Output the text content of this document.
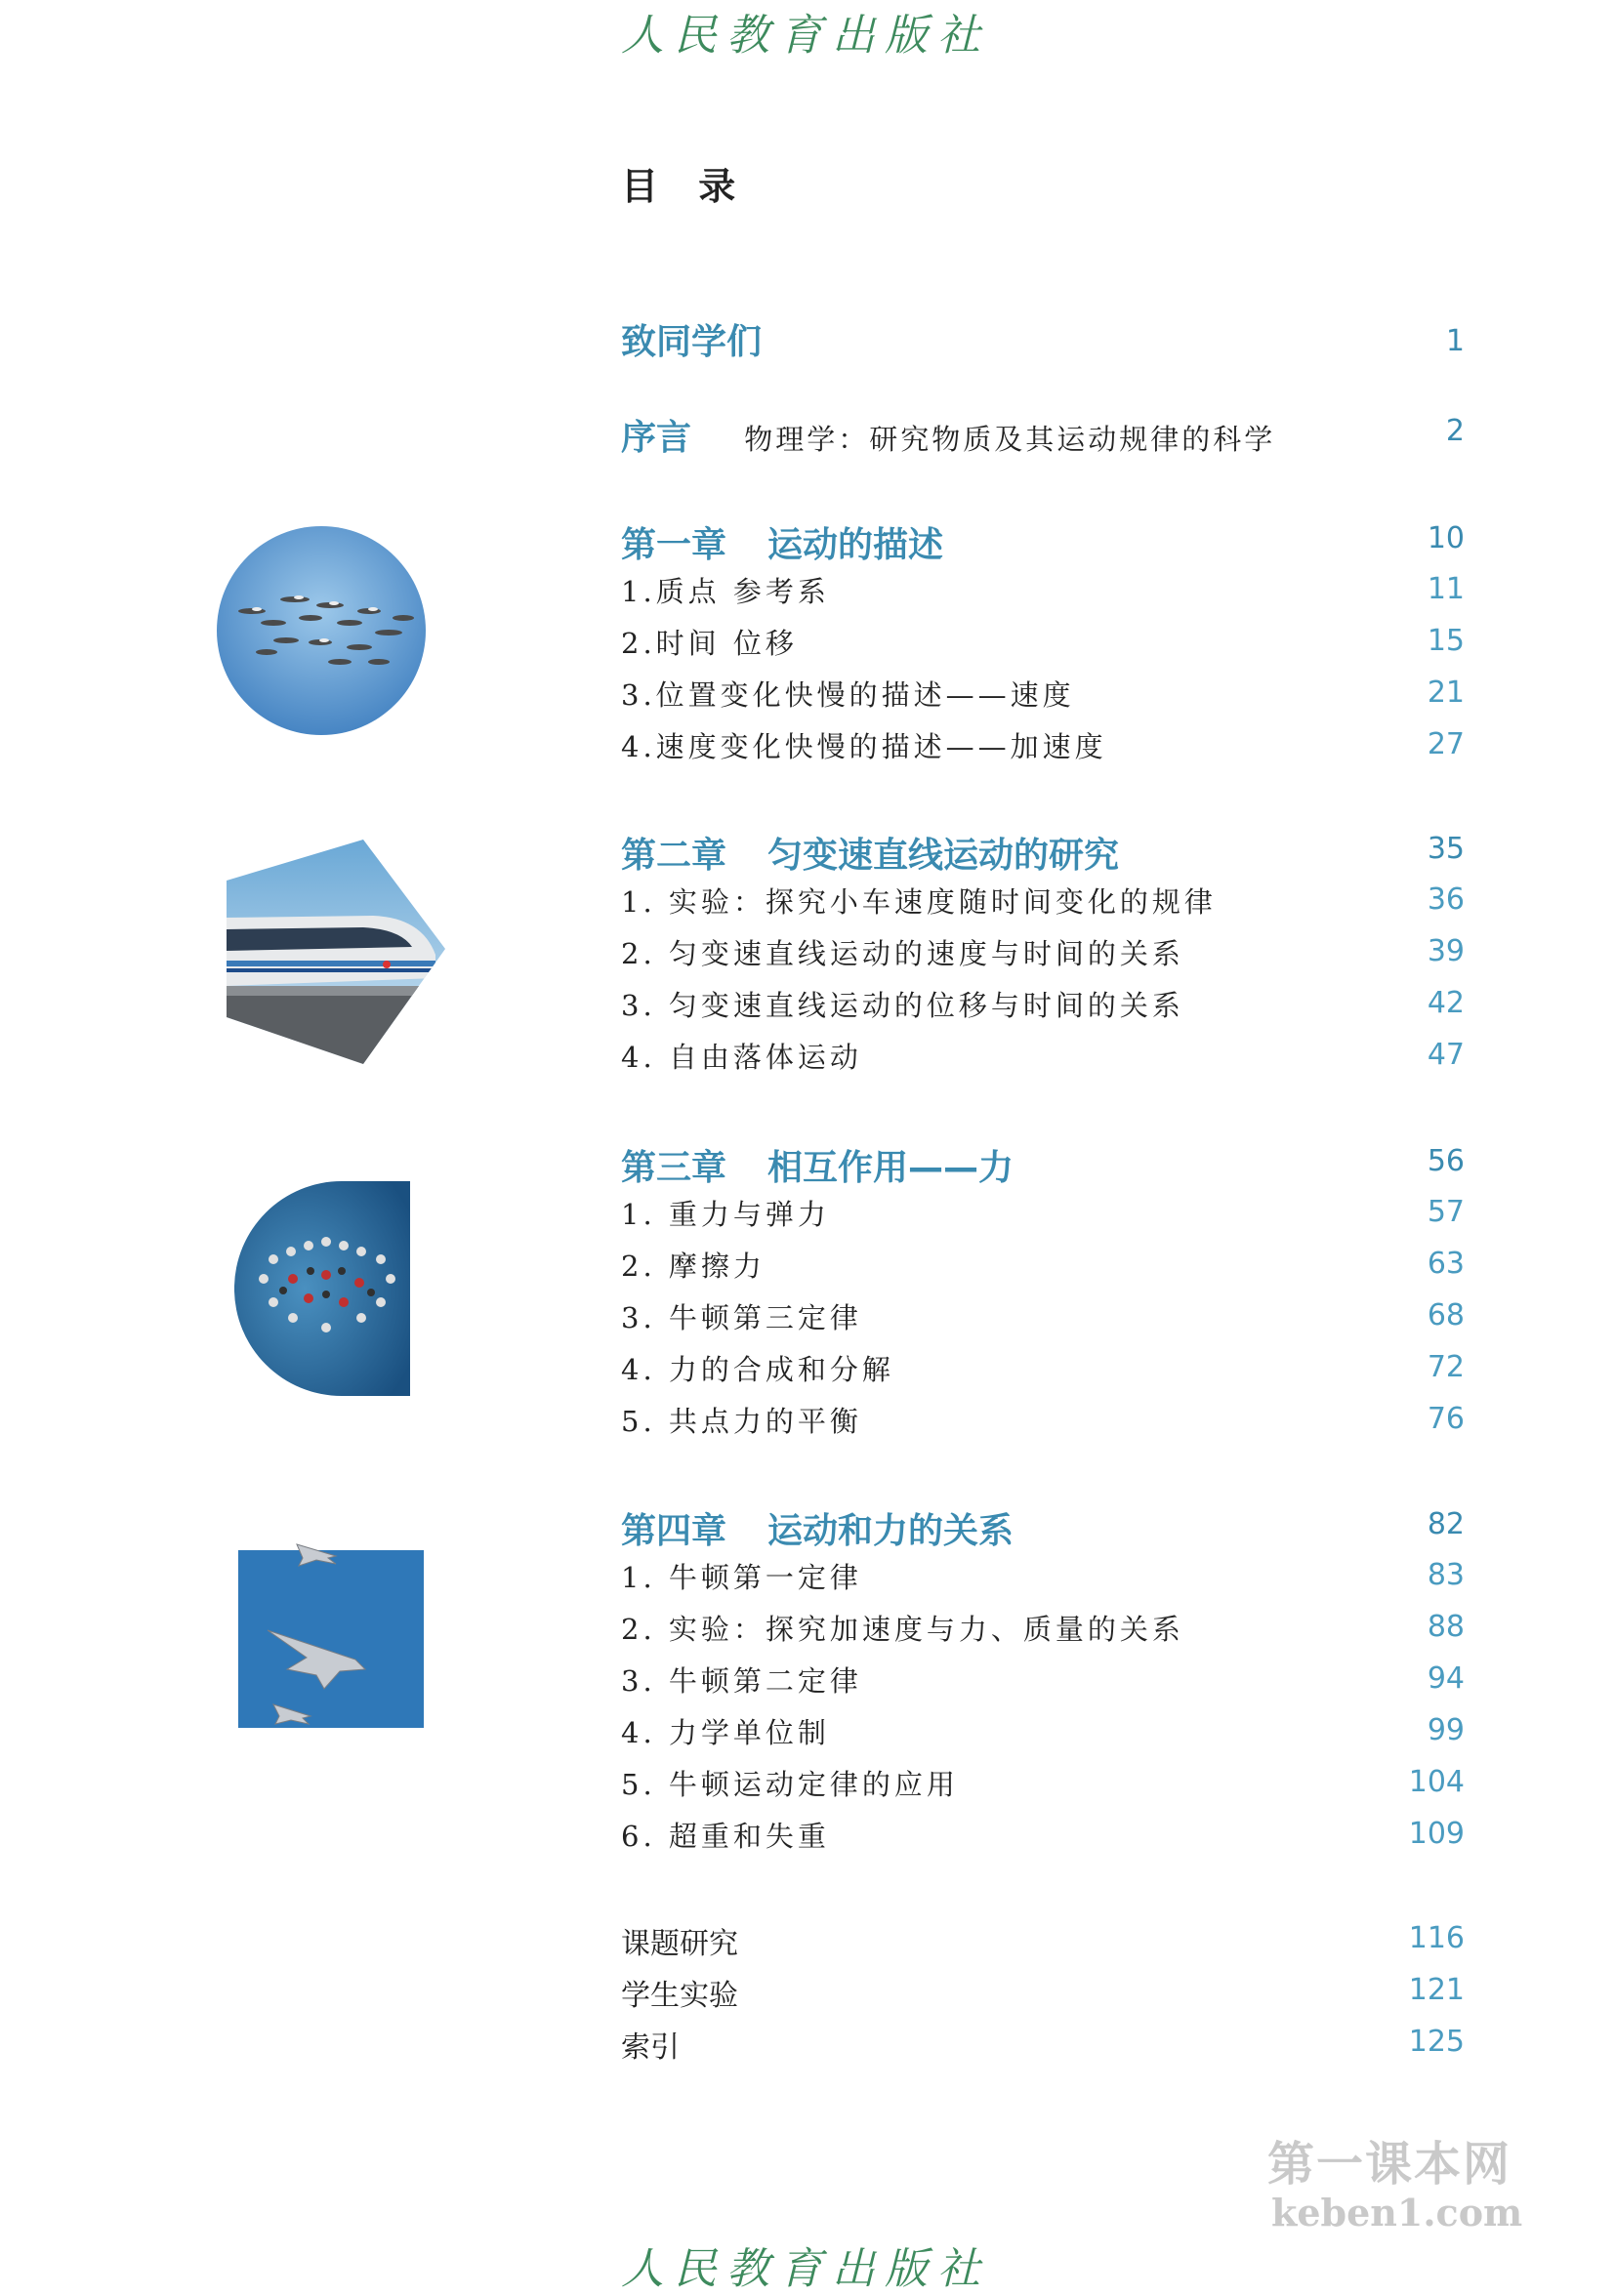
人民教育出版社
目 录
致同学们	1
序言 物理学：研究物质及其运动规律的科学	2
第一章 运动的描述	10
1.质点 参考系	11
2.时间 位移	15
3.位置变化快慢的描述——速度	21
4.速度变化快慢的描述——加速度	27
第二章 匀变速直线运动的研究	35
1. 实验：探究小车速度随时间变化的规律	36
2. 匀变速直线运动的速度与时间的关系	39
3. 匀变速直线运动的位移与时间的关系	42
4. 自由落体运动	47
第三章 相互作用——力	56
1. 重力与弹力	57
2. 摩擦力	63
3. 牛顿第三定律	68
4. 力的合成和分解	72
5. 共点力的平衡	76
第四章 运动和力的关系	82
1. 牛顿第一定律	83
2. 实验：探究加速度与力、质量的关系	88
3. 牛顿第二定律	94
4. 力学单位制	99
5. 牛顿运动定律的应用	104
6. 超重和失重	109
课题研究	116
学生实验	121
索引	125
第一课本网
keben1.com
人民教育出版社
